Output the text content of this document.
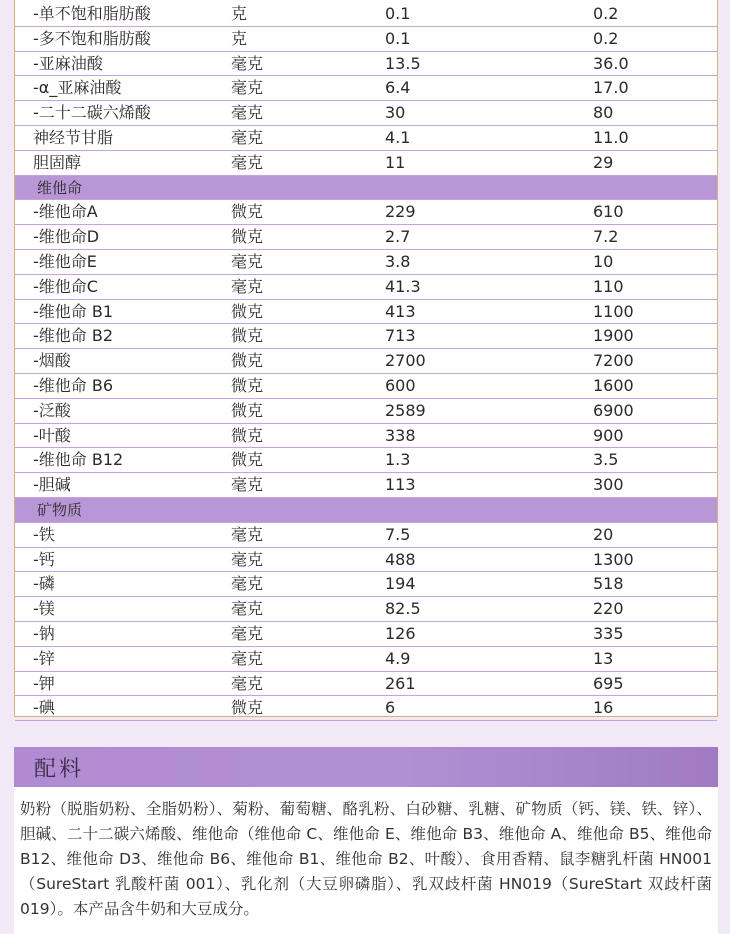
-单不饱和脂肪酸	克	0.1	0.2
-多不饱和脂肪酸	克	0.1	0.2
-亚麻油酸	毫克	13.5	36.0
-α_亚麻油酸	毫克	6.4	17.0
-二十二碳六烯酸	毫克	30	80
神经节甘脂	毫克	4.1	11.0
胆固醇	毫克	11	29
维他命
-维他命A	微克	229	610
-维他命D	微克	2.7	7.2
-维他命E	毫克	3.8	10
-维他命C	毫克	41.3	110
-维他命 B1	微克	413	1100
-维他命 B2	微克	713	1900
-烟酸	微克	2700	7200
-维他命 B6	微克	600	1600
-泛酸	微克	2589	6900
-叶酸	微克	338	900
-维他命 B12	微克	1.3	3.5
-胆碱	毫克	113	300
矿物质
-铁	毫克	7.5	20
-钙	毫克	488	1300
-磷	毫克	194	518
-镁	毫克	82.5	220
-钠	毫克	126	335
-锌	毫克	4.9	13
-钾	毫克	261	695
-碘	微克	6	16
配料
奶粉（脱脂奶粉、全脂奶粉）、菊粉、葡萄糖、酪乳粉、白砂糖、乳糖、矿物质（钙、镁、铁、锌）、胆碱、二十二碳六烯酸、维他命（维他命 C、维他命 E、维他命 B3、维他命 A、维他命 B5、维他命 B12、维他命 D3、维他命 B6、维他命 B1、维他命 B2、叶酸）、食用香精、鼠李糖乳杆菌 HN001（SureStart 乳酸杆菌 001）、乳化剂（大豆卵磷脂）、乳双歧杆菌 HN019（SureStart 双歧杆菌 019）。本产品含牛奶和大豆成分。
